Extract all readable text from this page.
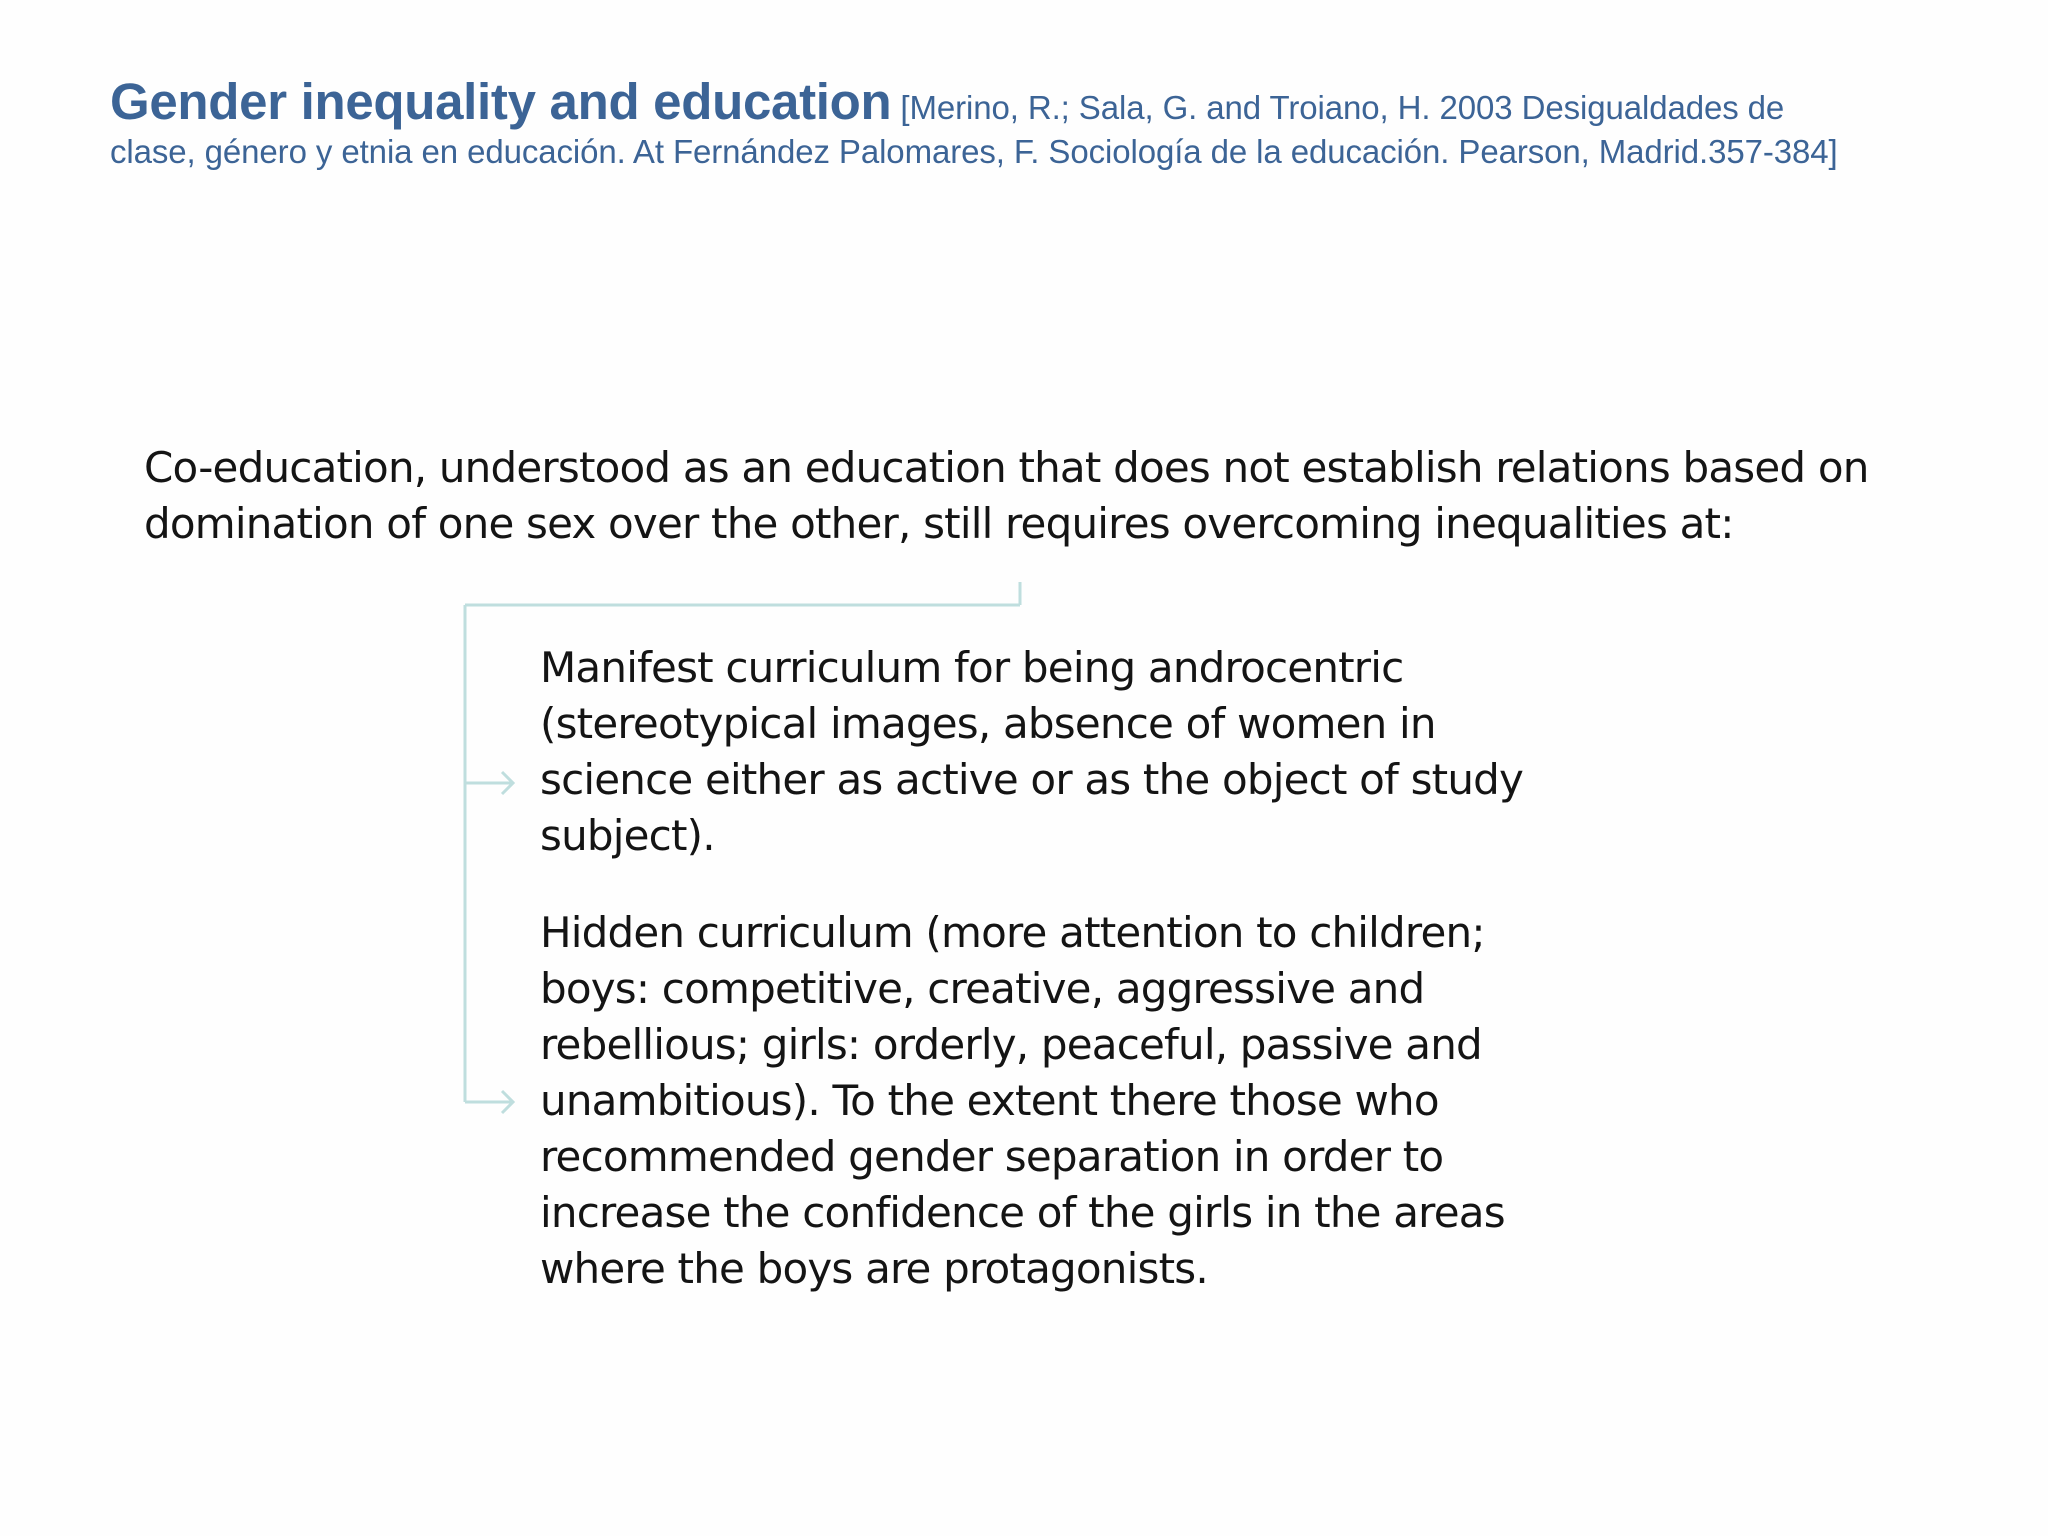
Gender inequality and education [Merino, R.; Sala, G. and Troiano, H. 2003 Desigualdades de clase, género y etnia en educación. At Fernández Palomares, F. Sociología de la educación. Pearson, Madrid.357-384]
Co-education, understood as an education that does not establish relations based on domination of one sex over the other, still requires overcoming inequalities at:
Manifest curriculum for being androcentric (stereotypical images, absence of women in science either as active or as the object of study subject).
Hidden curriculum (more attention to children; boys: competitive, creative, aggressive and rebellious; girls: orderly, peaceful, passive and unambitious). To the extent there those who recommended gender separation in order to increase the confidence of the girls in the areas where the boys are protagonists.
